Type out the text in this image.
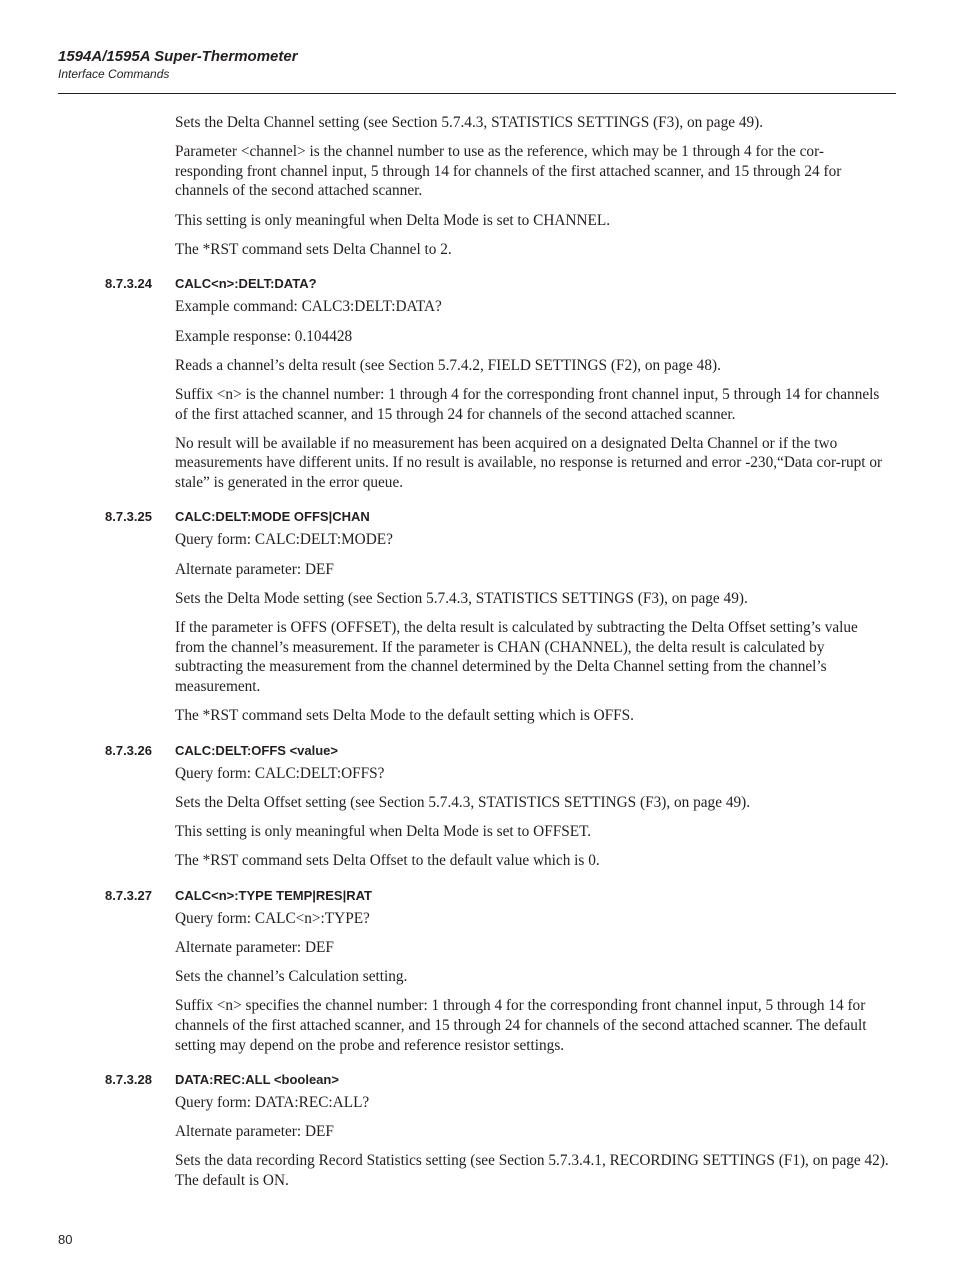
1594A/1595A Super-Thermometer
Interface Commands

Sets the Delta Channel setting (see Section 5.7.4.3, STATISTICS SETTINGS (F3), on page 49).

Parameter <channel> is the channel number to use as the reference, which may be 1 through 4 for the cor-responding front channel input, 5 through 14 for channels of the first attached scanner, and 15 through 24 for channels of the second attached scanner.

This setting is only meaningful when Delta Mode is set to CHANNEL.

The *RST command sets Delta Channel to 2.

8.7.3.24 CALC<n>:DELT:DATA?

Example command: CALC3:DELT:DATA?

Example response: 0.104428

Reads a channel’s delta result (see Section 5.7.4.2, FIELD SETTINGS (F2), on page 48).

Suffix <n> is the channel number: 1 through 4 for the corresponding front channel input, 5 through 14 for channels of the first attached scanner, and 15 through 24 for channels of the second attached scanner.

No result will be available if no measurement has been acquired on a designated Delta Channel or if the two measurements have different units. If no result is available, no response is returned and error -230,“Data cor-rupt or stale” is generated in the error queue.

8.7.3.25 CALC:DELT:MODE OFFS|CHAN

Query form: CALC:DELT:MODE?

Alternate parameter: DEF

Sets the Delta Mode setting (see Section 5.7.4.3, STATISTICS SETTINGS (F3), on page 49).

If the parameter is OFFS (OFFSET), the delta result is calculated by subtracting the Delta Offset setting’s value from the channel’s measurement. If the parameter is CHAN (CHANNEL), the delta result is calculated by subtracting the measurement from the channel determined by the Delta Channel setting from the channel’s measurement.

The *RST command sets Delta Mode to the default setting which is OFFS.

8.7.3.26 CALC:DELT:OFFS <value>

Query form: CALC:DELT:OFFS?

Sets the Delta Offset setting (see Section 5.7.4.3, STATISTICS SETTINGS (F3), on page 49).

This setting is only meaningful when Delta Mode is set to OFFSET.

The *RST command sets Delta Offset to the default value which is 0.

8.7.3.27 CALC<n>:TYPE TEMP|RES|RAT

Query form: CALC<n>:TYPE?

Alternate parameter: DEF

Sets the channel’s Calculation setting.

Suffix <n> specifies the channel number: 1 through 4 for the corresponding front channel input, 5 through 14 for channels of the first attached scanner, and 15 through 24 for channels of the second attached scanner. The default setting may depend on the probe and reference resistor settings.

8.7.3.28 DATA:REC:ALL <boolean>

Query form: DATA:REC:ALL?

Alternate parameter: DEF

Sets the data recording Record Statistics setting (see Section 5.7.3.4.1, RECORDING SETTINGS (F1), on page 42). The default is ON.

80
